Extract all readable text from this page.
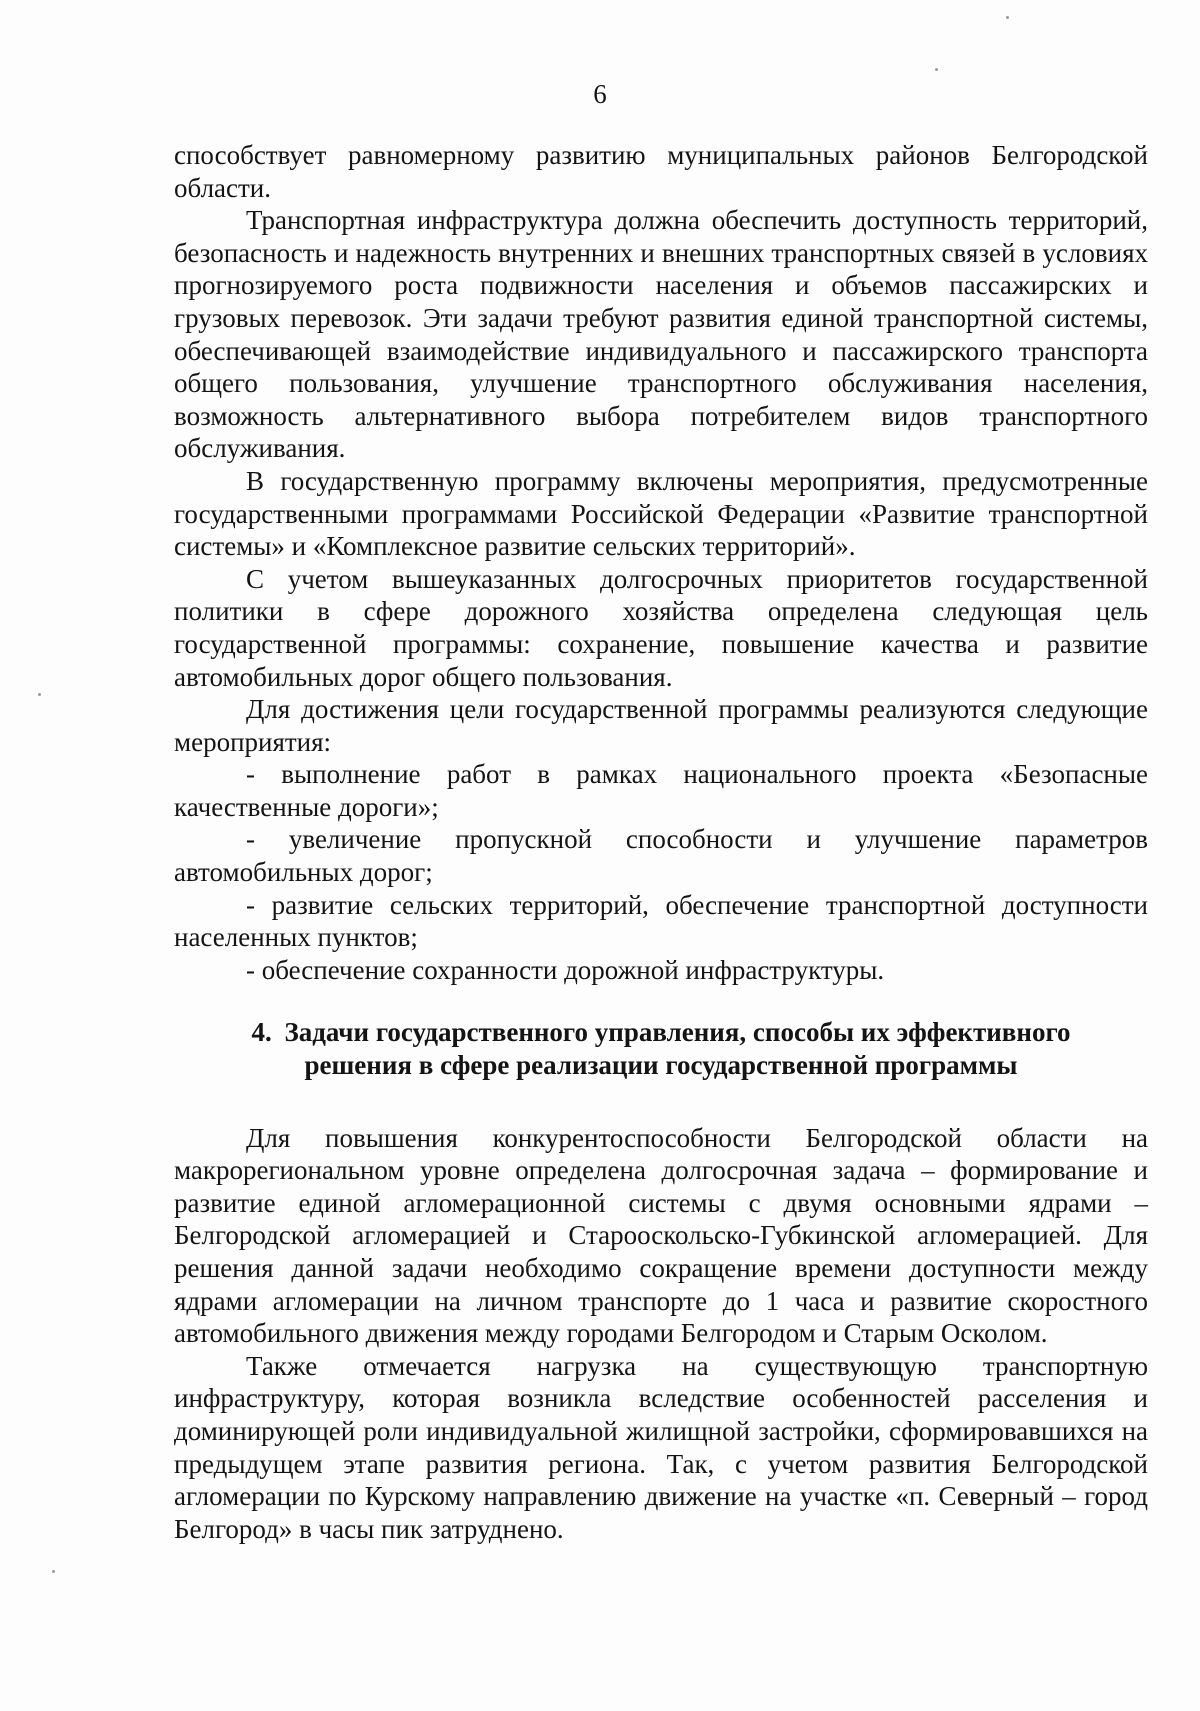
6

способствует равномерному развитию муниципальных районов Белгородской области.

Транспортная инфраструктура должна обеспечить доступность территорий, безопасность и надежность внутренних и внешних транспортных связей в условиях прогнозируемого роста подвижности населения и объемов пассажирских и грузовых перевозок. Эти задачи требуют развития единой транспортной системы, обеспечивающей взаимодействие индивидуального и пассажирского транспорта общего пользования, улучшение транспортного обслуживания населения, возможность альтернативного выбора потребителем видов транспортного обслуживания.

В государственную программу включены мероприятия, предусмотренные государственными программами Российской Федерации «Развитие транспортной системы» и «Комплексное развитие сельских территорий».

С учетом вышеуказанных долгосрочных приоритетов государственной политики в сфере дорожного хозяйства определена следующая цель государственной программы: сохранение, повышение качества и развитие автомобильных дорог общего пользования.

Для достижения цели государственной программы реализуются следующие мероприятия:

- выполнение работ в рамках национального проекта «Безопасные качественные дороги»;

- увеличение пропускной способности и улучшение параметров автомобильных дорог;

- развитие сельских территорий, обеспечение транспортной доступности населенных пунктов;

- обеспечение сохранности дорожной инфраструктуры.

4. Задачи государственного управления, способы их эффективного решения в сфере реализации государственной программы

Для повышения конкурентоспособности Белгородской области на макрорегиональном уровне определена долгосрочная задача – формирование и развитие единой агломерационной системы с двумя основными ядрами – Белгородской агломерацией и Старооскольско-Губкинской агломерацией. Для решения данной задачи необходимо сокращение времени доступности между ядрами агломерации на личном транспорте до 1 часа и развитие скоростного автомобильного движения между городами Белгородом и Старым Осколом.

Также отмечается нагрузка на существующую транспортную инфраструктуру, которая возникла вследствие особенностей расселения и доминирующей роли индивидуальной жилищной застройки, сформировавшихся на предыдущем этапе развития региона. Так, с учетом развития Белгородской агломерации по Курскому направлению движение на участке «п. Северный – город Белгород» в часы пик затруднено.
